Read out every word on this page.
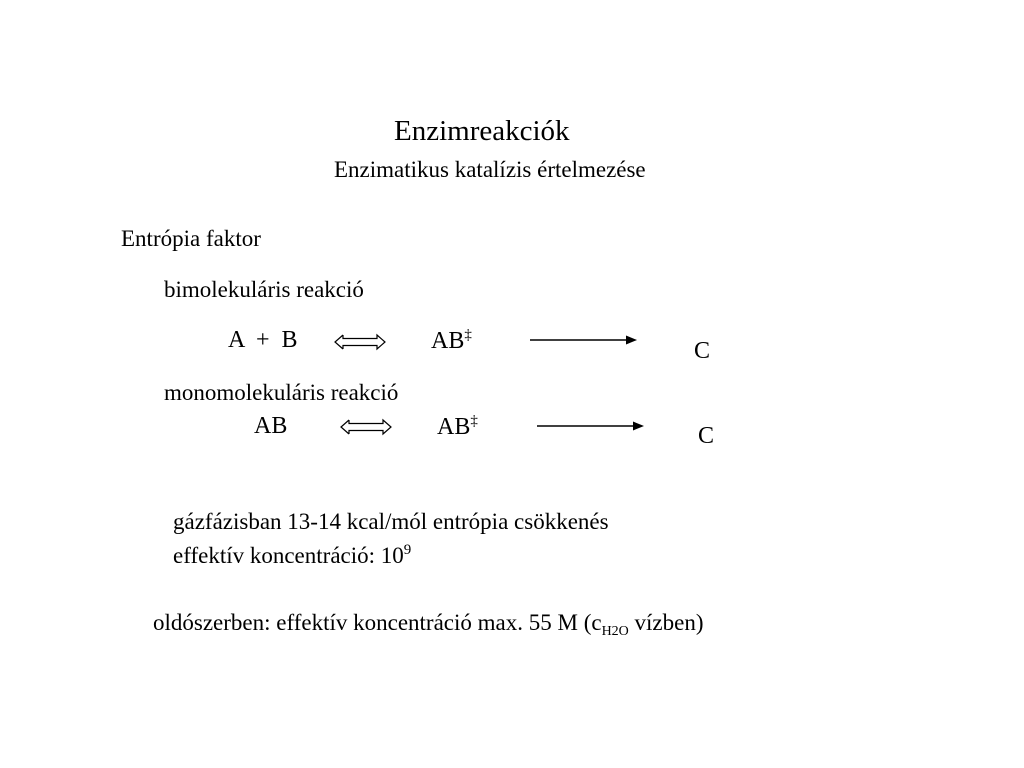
Enzimreakciók
Enzimatikus katalízis értelmezése
Entrópia faktor
bimolekuláris reakció
A  +  B	AB‡
C
monomolekuláris reakció
AB	AB‡
C
gázfázisban 13-14 kcal/mól entrópia csökkenés
effektív koncentráció: $10^9$
oldószerben: effektív koncentráció max. 55 M ($c_{H2O}$ vízben)
